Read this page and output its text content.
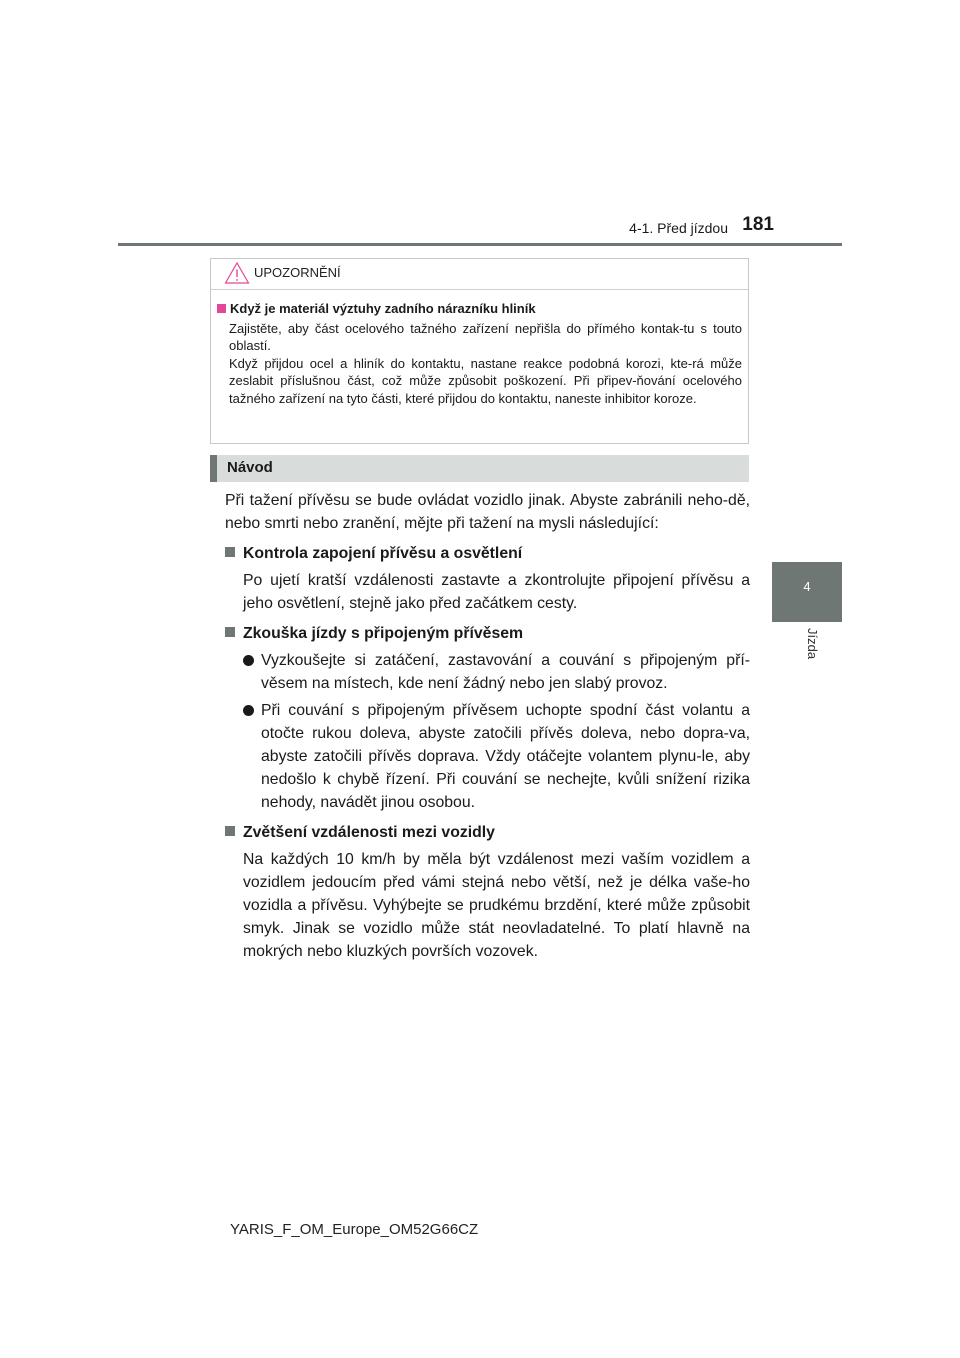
4-1. Před jízdou 181
4
Jízda
UPOZORNĚNÍ
Když je materiál výztuhy zadního nárazníku hliník

Zajistěte, aby část ocelového tažného zařízení nepřišla do přímého kontak-tu s touto oblastí.

Když přijdou ocel a hliník do kontaktu, nastane reakce podobná korozi, kte-rá může zeslabit příslušnou část, což může způsobit poškození. Při připev-ňování ocelového tažného zařízení na tyto části, které přijdou do kontaktu, naneste inhibitor koroze.

Návod

Při tažení přívěsu se bude ovládat vozidlo jinak. Abyste zabránili neho-dě, nebo smrti nebo zranění, mějte při tažení na mysli následující:

Kontrola zapojení přívěsu a osvětlení

Po ujetí kratší vzdálenosti zastavte a zkontrolujte připojení přívěsu a jeho osvětlení, stejně jako před začátkem cesty.

Zkouška jízdy s připojeným přívěsem
Vyzkoušejte si zatáčení, zastavování a couvání s připojeným pří-věsem na místech, kde není žádný nebo jen slabý provoz.
Při couvání s připojeným přívěsem uchopte spodní část volantu a otočte rukou doleva, abyste zatočili přívěs doleva, nebo dopra-va, abyste zatočili přívěs doprava. Vždy otáčejte volantem plynu-le, aby nedošlo k chybě řízení. Při couvání se nechejte, kvůli snížení rizika nehody, navádět jinou osobou.
Zvětšení vzdálenosti mezi vozidly

Na každých 10 km/h by měla být vzdálenost mezi vaším vozidlem a vozidlem jedoucím před vámi stejná nebo větší, než je délka vaše-ho vozidla a přívěsu. Vyhýbejte se prudkému brzdění, které může způsobit smyk. Jinak se vozidlo může stát neovladatelné. To platí hlavně na mokrých nebo kluzkých površích vozovek.

YARIS_F_OM_Europe_OM52G66CZ
